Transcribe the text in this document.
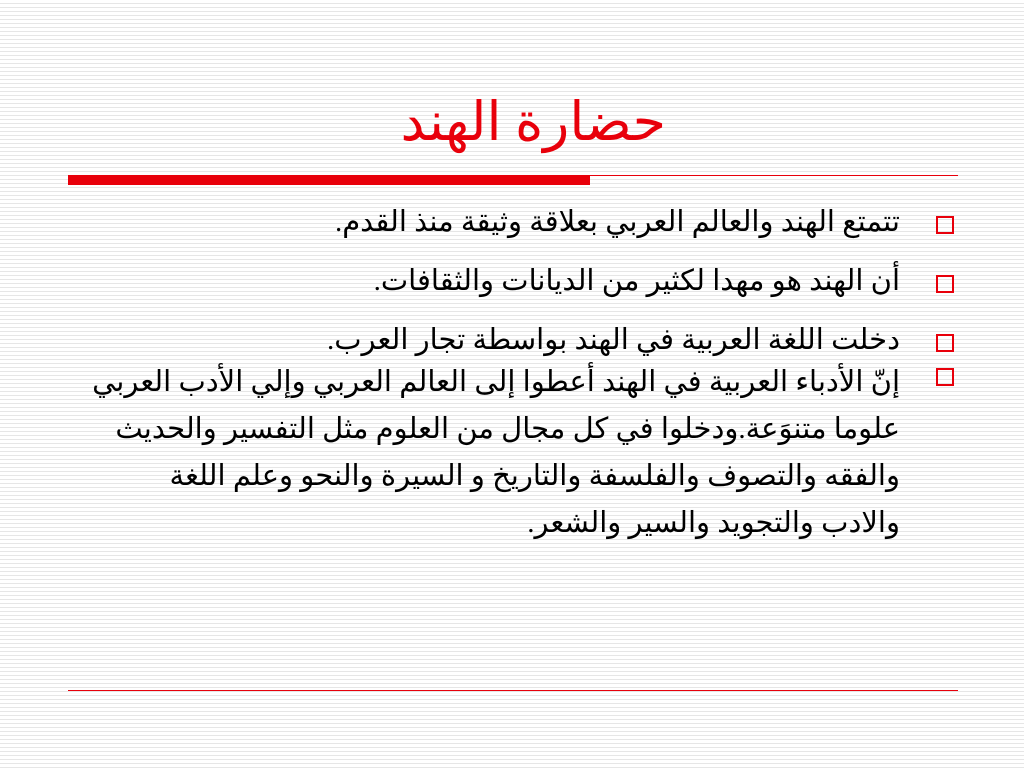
حضارة الهند
تتمتع الهند والعالم العربي بعلاقة وثيقة منذ القدم.
أن الهند هو مهدا لكثير من الديانات والثقافات.
دخلت اللغة العربية في الهند بواسطة تجار العرب.
إنّ الأدباء العربية في الهند أعطوا إلى العالم العربي وإلي الأدب العربي علوما متنوَعة.ودخلوا في كل مجال من العلوم مثل التفسير والحديث والفقه والتصوف والفلسفة والتاريخ و السيرة والنحو وعلم اللغة والادب والتجويد والسير والشعر.
